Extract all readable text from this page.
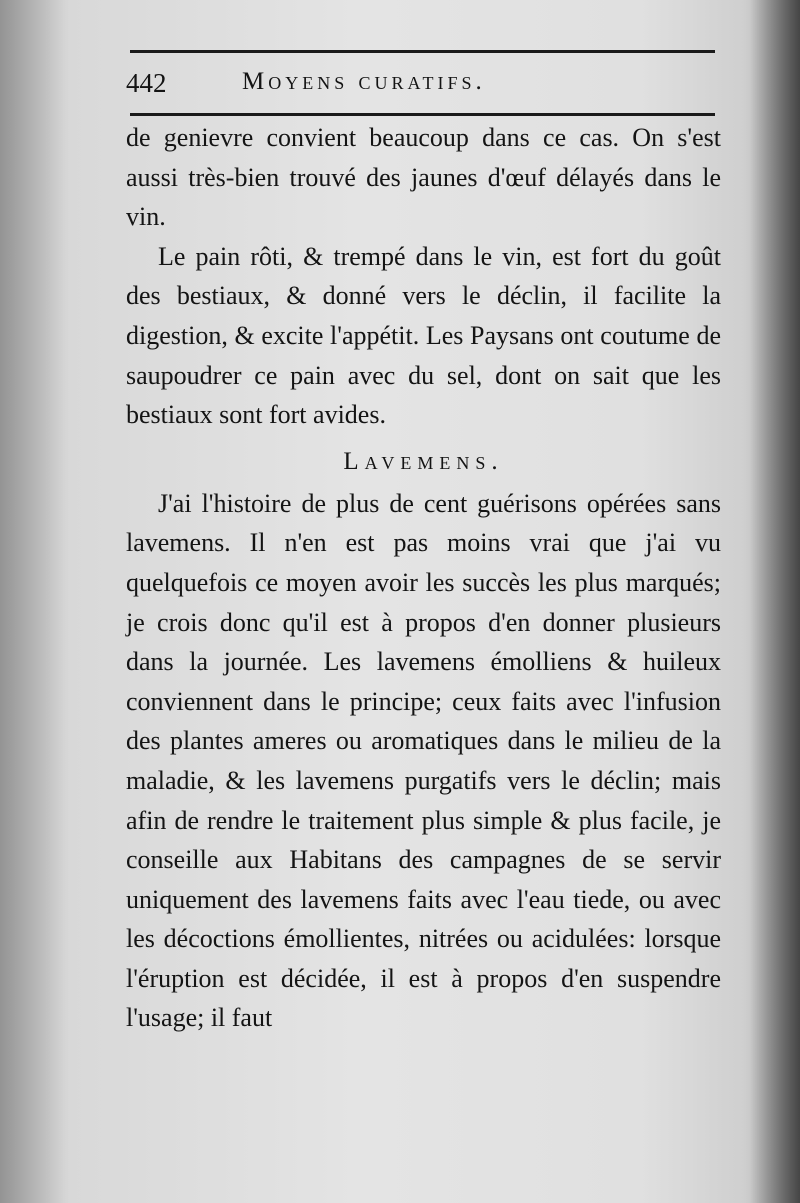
442	Moyens curatifs.

de genievre convient beaucoup dans ce cas. On s'est aussi très-bien trouvé des jaunes d'œuf délayés dans le vin.

Le pain rôti, & trempé dans le vin, est fort du goût des bestiaux, & donné vers le déclin, il facilite la digestion, & excite l'appétit. Les Paysans ont coutume de saupoudrer ce pain avec du sel, dont on sait que les bestiaux sont fort avides.

Lavemens.

J'ai l'histoire de plus de cent guérisons opérées sans lavemens. Il n'en est pas moins vrai que j'ai vu quelquefois ce moyen avoir les succès les plus marqués; je crois donc qu'il est à propos d'en donner plusieurs dans la journée. Les lavemens émolliens & huileux conviennent dans le principe; ceux faits avec l'infusion des plantes ameres ou aromatiques dans le milieu de la maladie, & les lavemens purgatifs vers le déclin; mais afin de rendre le traitement plus simple & plus facile, je conseille aux Habitans des campagnes de se servir uniquement des lavemens faits avec l'eau tiede, ou avec les décoctions émollientes, nitrées ou acidulées: lorsque l'éruption est décidée, il est à propos d'en suspendre l'usage; il faut
